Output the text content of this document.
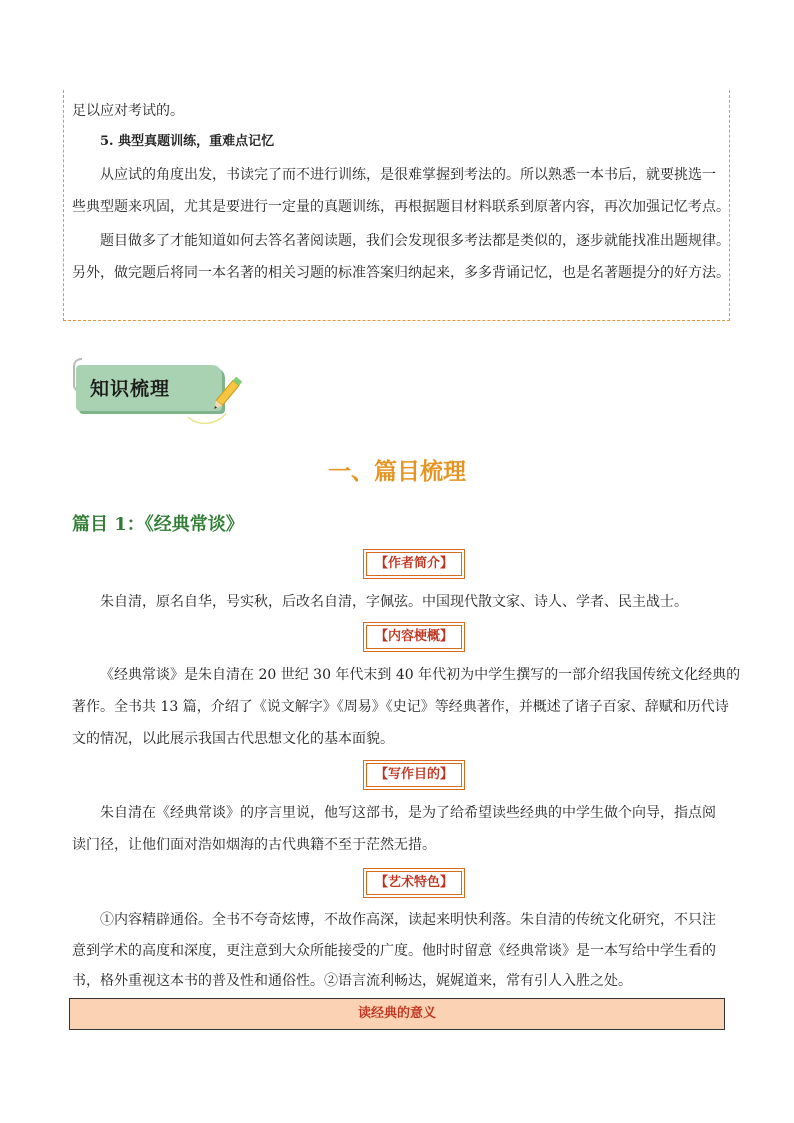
足以应对考试的。
5. 典型真题训练，重难点记忆
从应试的角度出发，书读完了而不进行训练，是很难掌握到考法的。所以熟悉一本书后，就要挑选一
些典型题来巩固，尤其是要进行一定量的真题训练，再根据题目材料联系到原著内容，再次加强记忆考点。
题目做多了才能知道如何去答名著阅读题，我们会发现很多考法都是类似的，逐步就能找准出题规律。
另外，做完题后将同一本名著的相关习题的标准答案归纳起来，多多背诵记忆，也是名著题提分的好方法。
知识梳理
一、篇目梳理
篇目 1：《经典常谈》
【作者简介】
朱自清，原名自华，号实秋，后改名自清，字佩弦。中国现代散文家、诗人、学者、民主战士。
【内容梗概】
《经典常谈》是朱自清在 20 世纪 30 年代末到 40 年代初为中学生撰写的一部介绍我国传统文化经典的
著作。全书共 13 篇，介绍了《说文解字》《周易》《史记》等经典著作，并概述了诸子百家、辞赋和历代诗
文的情况，以此展示我国古代思想文化的基本面貌。
【写作目的】
朱自清在《经典常谈》的序言里说，他写这部书，是为了给希望读些经典的中学生做个向导，指点阅
读门径，让他们面对浩如烟海的古代典籍不至于茫然无措。
【艺术特色】
①内容精辟通俗。全书不夸奇炫博，不故作高深，读起来明快利落。朱自清的传统文化研究，不只注
意到学术的高度和深度，更注意到大众所能接受的广度。他时时留意《经典常谈》是一本写给中学生看的
书，格外重视这本书的普及性和通俗性。②语言流利畅达，娓娓道来，常有引人入胜之处。
读经典的意义
